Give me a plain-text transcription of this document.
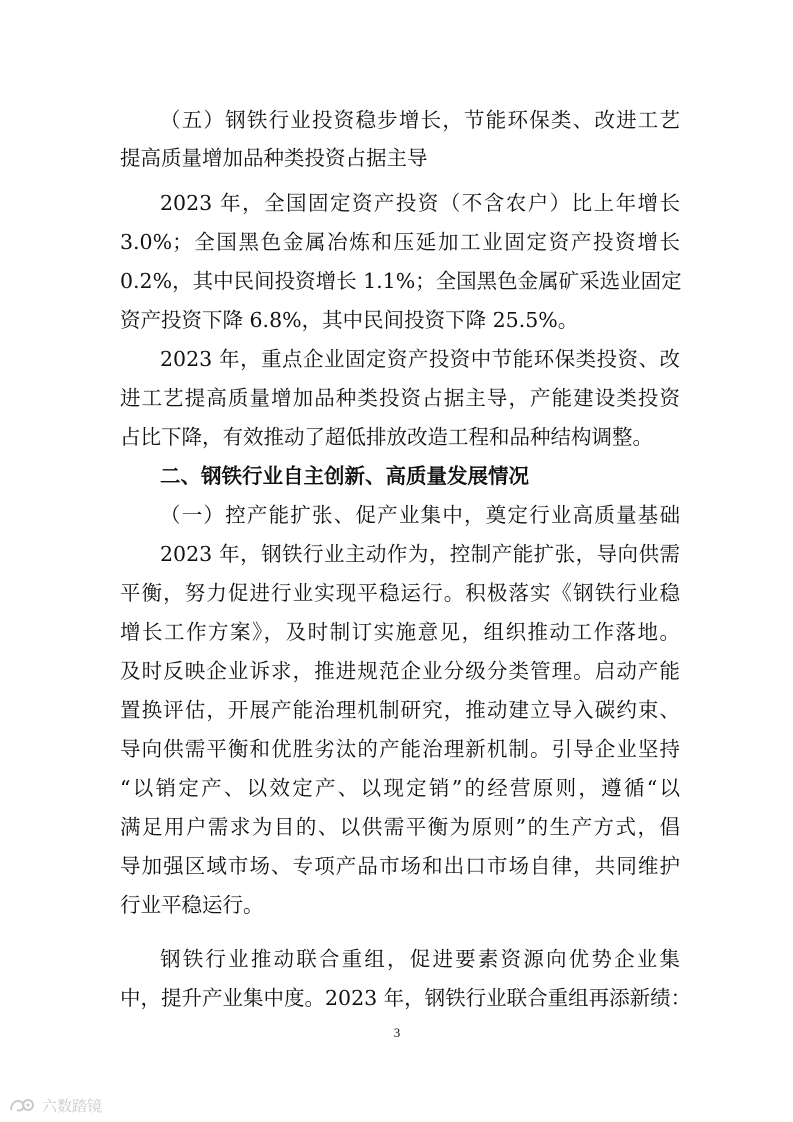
（五）钢铁行业投资稳步增长，节能环保类、改进工艺
提高质量增加品种类投资占据主导
2023 年，全国固定资产投资（不含农户）比上年增长
3.0%；全国黑色金属冶炼和压延加工业固定资产投资增长
0.2%，其中民间投资增长 1.1%；全国黑色金属矿采选业固定
资产投资下降 6.8%，其中民间投资下降 25.5%。
2023 年，重点企业固定资产投资中节能环保类投资、改
进工艺提高质量增加品种类投资占据主导，产能建设类投资
占比下降，有效推动了超低排放改造工程和品种结构调整。
二、钢铁行业自主创新、高质量发展情况
（一）控产能扩张、促产业集中，奠定行业高质量基础
2023 年，钢铁行业主动作为，控制产能扩张，导向供需
平衡，努力促进行业实现平稳运行。积极落实《钢铁行业稳
增长工作方案》，及时制订实施意见，组织推动工作落地。
及时反映企业诉求，推进规范企业分级分类管理。启动产能
置换评估，开展产能治理机制研究，推动建立导入碳约束、
导向供需平衡和优胜劣汰的产能治理新机制。引导企业坚持
“以销定产、以效定产、以现定销”的经营原则，遵循“以
满足用户需求为目的、以供需平衡为原则”的生产方式，倡
导加强区域市场、专项产品市场和出口市场自律，共同维护
行业平稳运行。
钢铁行业推动联合重组，促进要素资源向优势企业集
中，提升产业集中度。2023 年，钢铁行业联合重组再添新绩：
3
六数踏镜
